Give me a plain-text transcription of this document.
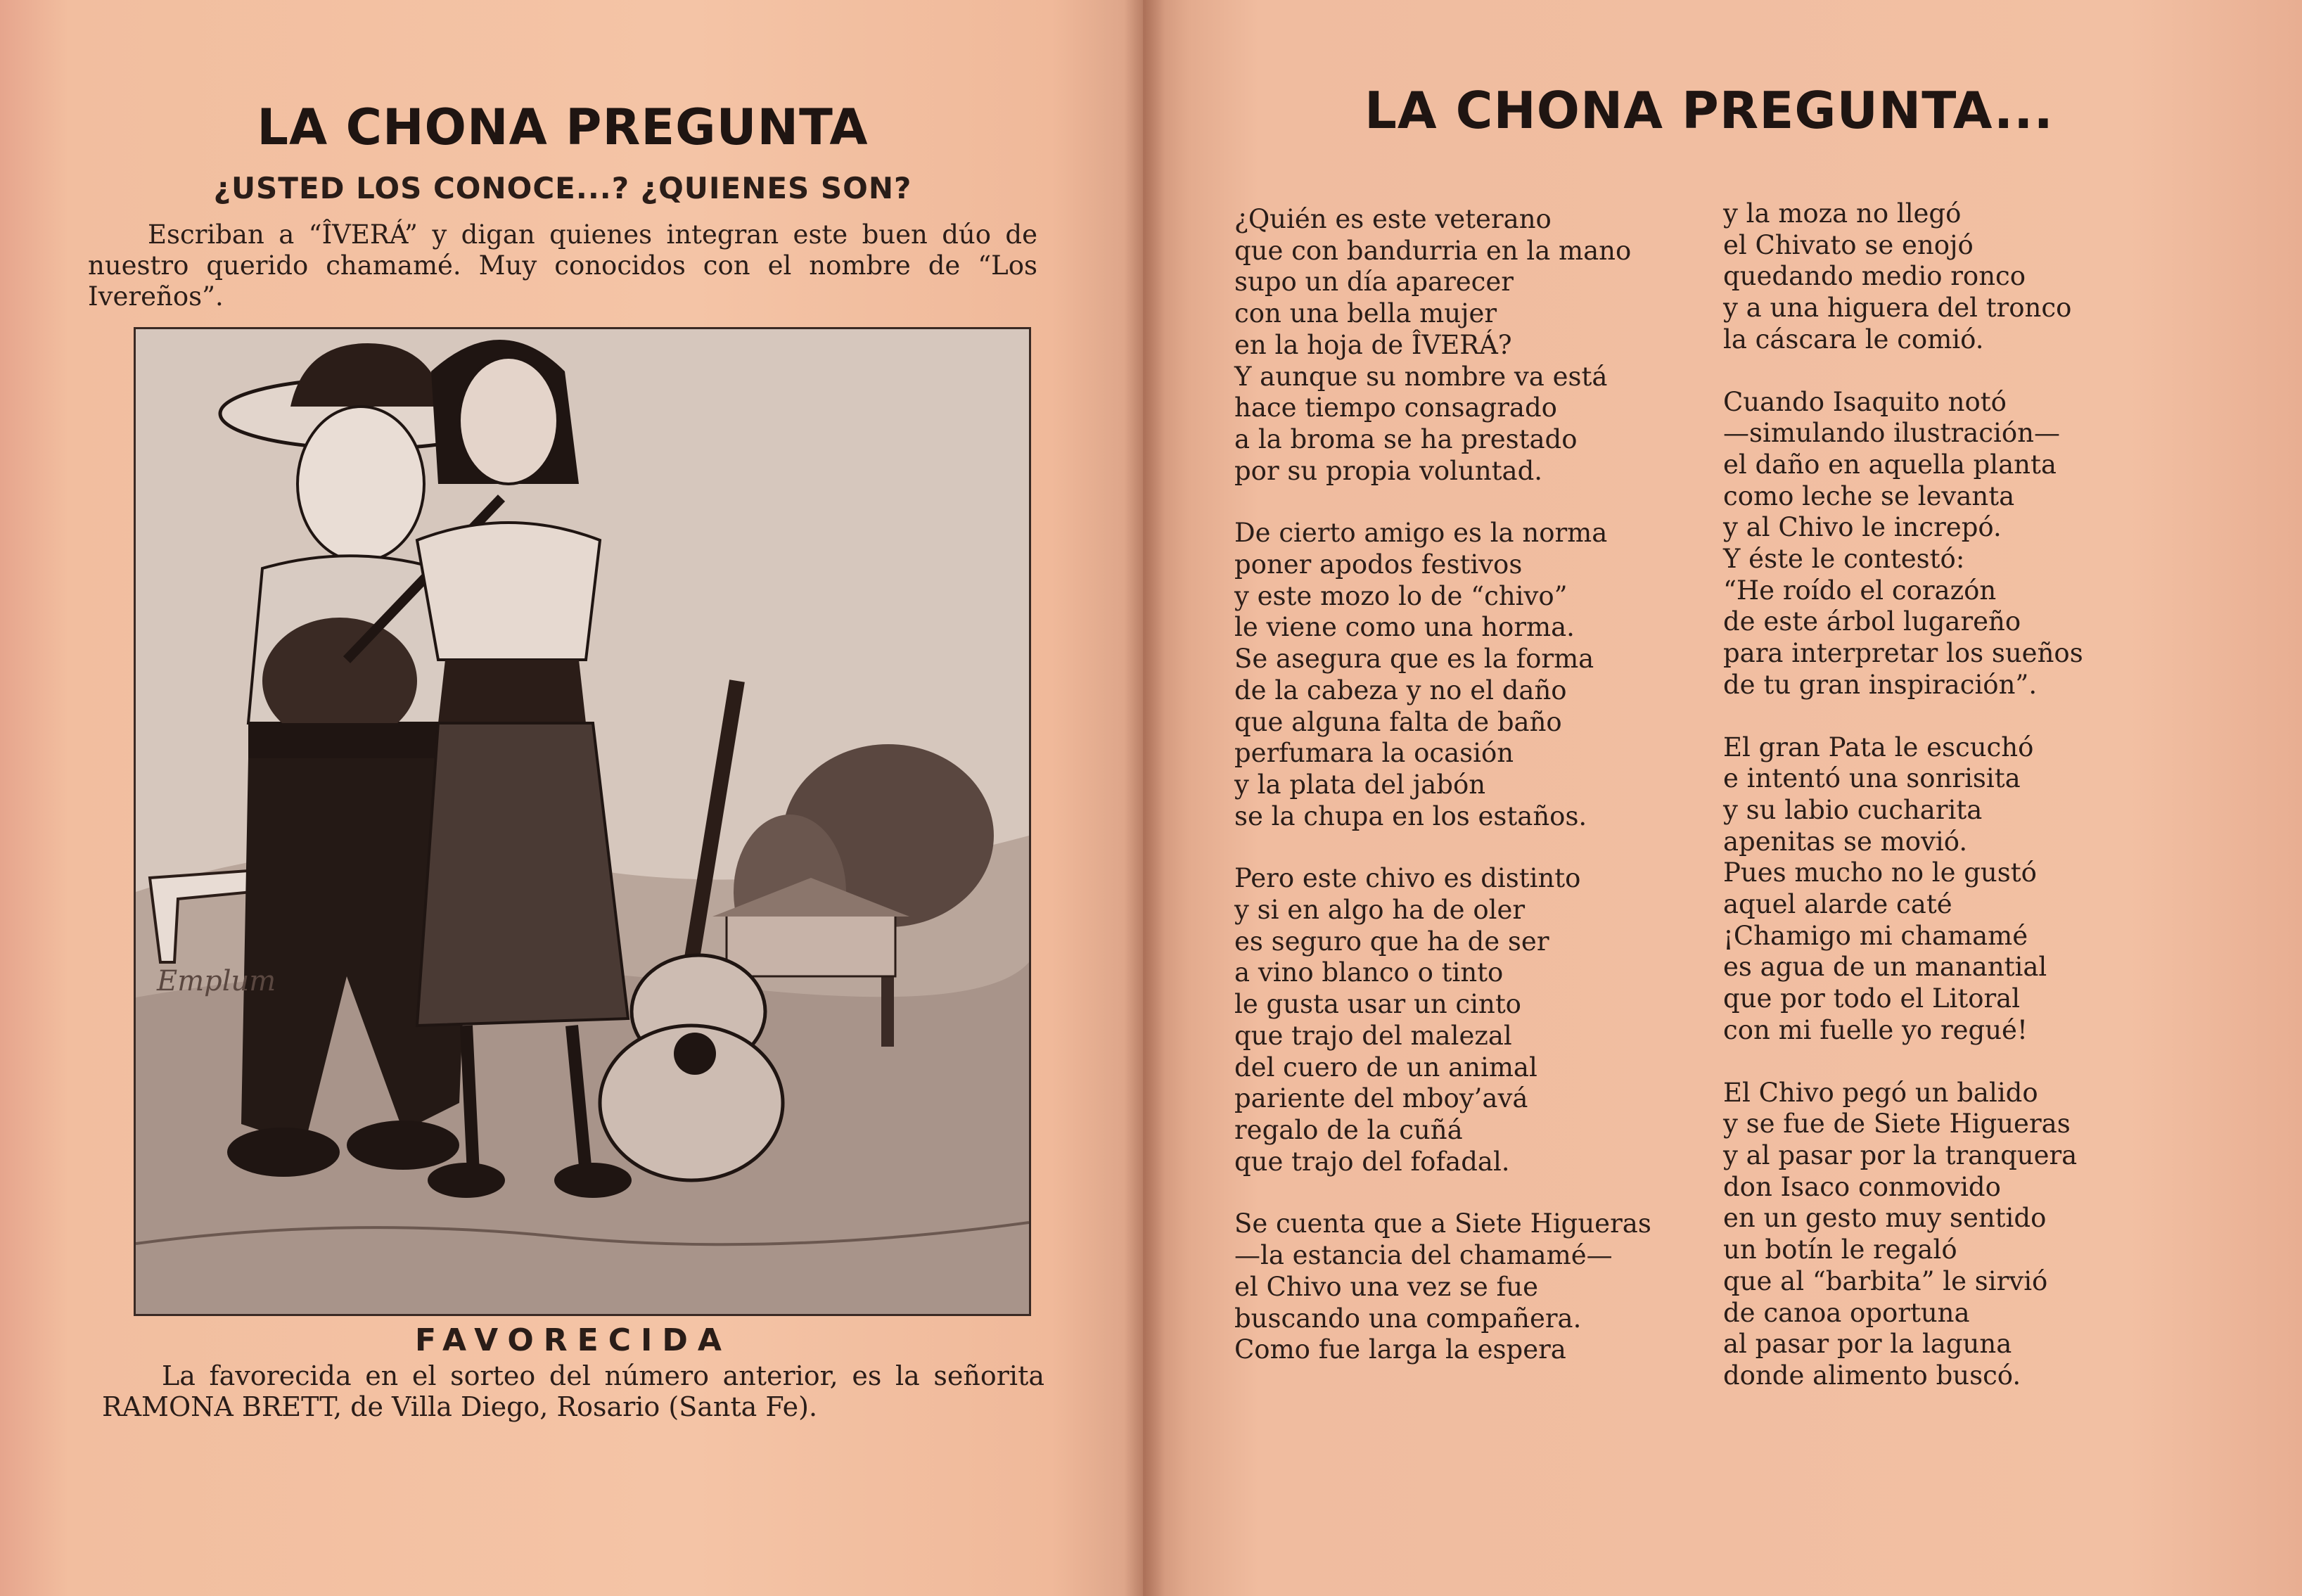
LA CHONA PREGUNTA
¿USTED LOS CONOCE...? ¿QUIENES SON?

Escriban a “ÎVERÁ” y digan quienes integran este buen dúo de nuestro querido chamamé. Muy conocidos con el nombre de “Los Ivereños”.

Emplum
FAVORECIDA

La favorecida en el sorteo del número anterior, es la señorita RAMONA BRETT, de Villa Diego, Rosario (Santa Fe).

LA CHONA PREGUNTA...
¿Quién es este veterano
que con bandurria en la mano
supo un día aparecer
con una bella mujer
en la hoja de ÎVERÁ?
Y aunque su nombre va está
hace tiempo consagrado
a la broma se ha prestado
por su propia voluntad.
De cierto amigo es la norma
poner apodos festivos
y este mozo lo de “chivo”
le viene como una horma.
Se asegura que es la forma
de la cabeza y no el daño
que alguna falta de baño
perfumara la ocasión
y la plata del jabón
se la chupa en los estaños.
Pero este chivo es distinto
y si en algo ha de oler
es seguro que ha de ser
a vino blanco o tinto
le gusta usar un cinto
que trajo del malezal
del cuero de un animal
pariente del mboy’avá
regalo de la cuñá
que trajo del fofadal.
Se cuenta que a Siete Higueras
—la estancia del chamamé—
el Chivo una vez se fue
buscando una compañera.
Como fue larga la espera
y la moza no llegó
el Chivato se enojó
quedando medio ronco
y a una higuera del tronco
la cáscara le comió.
Cuando Isaquito notó
—simulando ilustración—
el daño en aquella planta
como leche se levanta
y al Chivo le increpó.
Y éste le contestó:
“He roído el corazón
de este árbol lugareño
para interpretar los sueños
de tu gran inspiración”.
El gran Pata le escuchó
e intentó una sonrisita
y su labio cucharita
apenitas se movió.
Pues mucho no le gustó
aquel alarde caté
¡Chamigo mi chamamé
es agua de un manantial
que por todo el Litoral
con mi fuelle yo regué!
El Chivo pegó un balido
y se fue de Siete Higueras
y al pasar por la tranquera
don Isaco conmovido
en un gesto muy sentido
un botín le regaló
que al “barbita” le sirvió
de canoa oportuna
al pasar por la laguna
donde alimento buscó.
